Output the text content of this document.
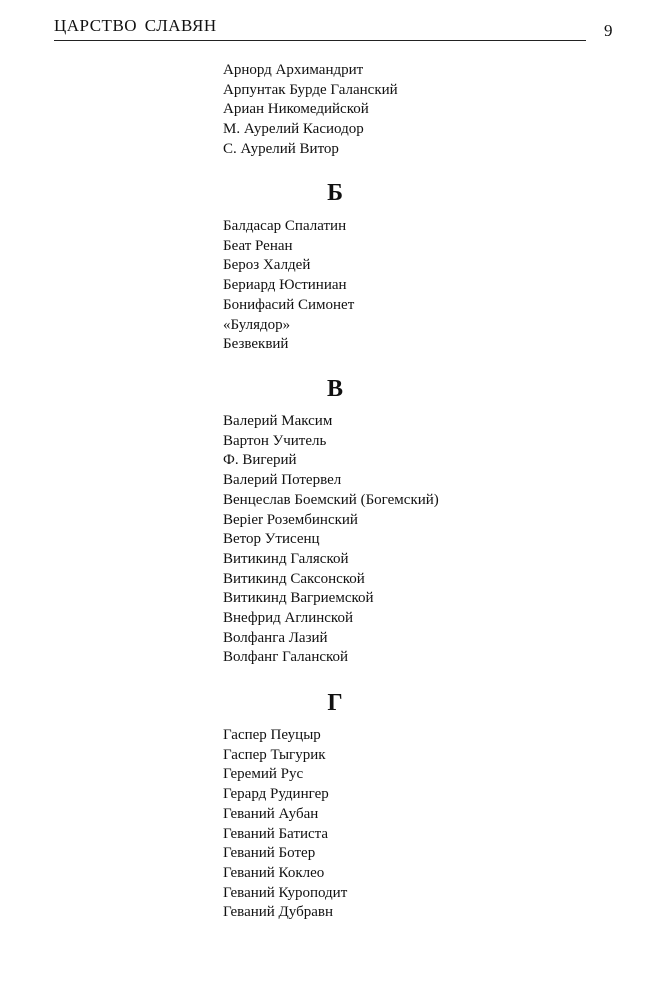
ЦАРСТВО СЛАВЯН	9
Арнорд Архимандрит
Арпунтак Бурде Галанский
Ариан Никомедийской
М. Аурелий Касиодор
С. Аурелий Витор
Б
Балдасар Спалатин
Беат Ренан
Бероз Халдей
Бериард Юстиниан
Бонифасий Симонет
«Булядор»
Безвеквий
В
Валерий Максим
Вартон Учитель
Ф. Вигерий
Валерий Потервел
Венцеслав Боемский (Богемский)
Верier Розембинский
Ветор Утисенц
Витикинд Галяской
Витикинд Саксонской
Витикинд Вагриемской
Внефрид Аглинской
Волфанга Лазий
Волфанг Галанской
Г
Гаспер Пеуцыр
Гаспер Тыгурик
Геремий Рус
Герард Рудингер
Геваний Аубан
Геваний Батиста
Геваний Ботер
Геваний Коклео
Геваний Куроподит
Геваний Дубравн
